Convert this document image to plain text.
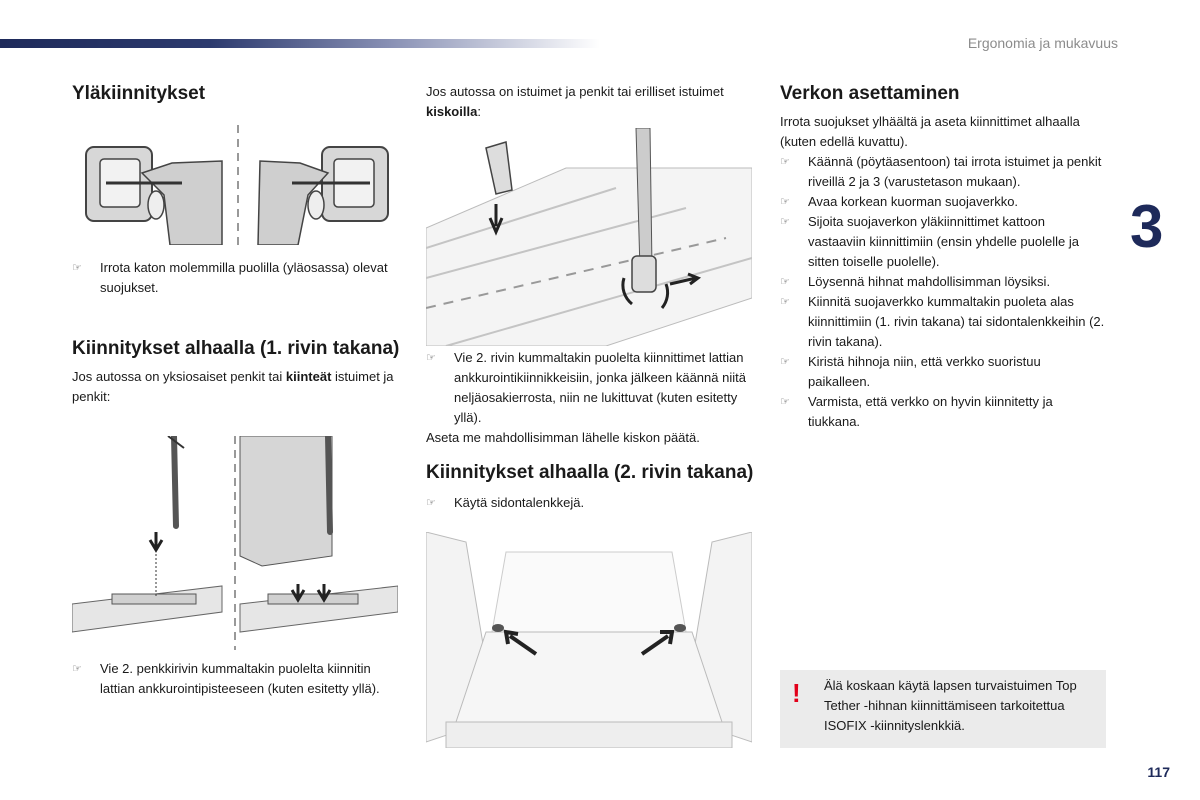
Ergonomia ja mukavuus
3
117
Yläkiinnitykset

☞ Irrota katon molemmilla puolilla (yläosassa) olevat suojukset.

Kiinnitykset alhaalla (1. rivin takana)

Jos autossa on yksiosaiset penkit tai kiinteät istuimet ja penkit:

☞ Vie 2. penkkirivin kummaltakin puolelta kiinnitin lattian ankkurointipisteeseen (kuten esitetty yllä).

Jos autossa on istuimet ja penkit tai erilliset istuimet kiskoilla:

☞ Vie 2. rivin kummaltakin puolelta kiinnittimet lattian ankkurointikiinnikkeisiin, jonka jälkeen käännä niitä neljäosakierrosta, niin ne lukittuvat (kuten esitetty yllä).

Aseta me mahdollisimman lähelle kiskon päätä.

Kiinnitykset alhaalla (2. rivin takana)

☞ Käytä sidontalenkkejä.

Verkon asettaminen

Irrota suojukset ylhäältä ja aseta kiinnittimet alhaalla (kuten edellä kuvattu).

☞ Käännä (pöytäasentoon) tai irrota istuimet ja penkit riveillä 2 ja 3 (varustetason mukaan).

☞ Avaa korkean kuorman suojaverkko.

☞ Sijoita suojaverkon yläkiinnittimet kattoon vastaaviin kiinnittimiin (ensin yhdelle puolelle ja sitten toiselle puolelle).

☞ Löysennä hihnat mahdollisimman löysiksi.

☞ Kiinnitä suojaverkko kummaltakin puoleta alas kiinnittimiin (1. rivin takana) tai sidontalenkkeihin (2. rivin takana).

☞ Kiristä hihnoja niin, että verkko suoristuu paikalleen.

☞ Varmista, että verkko on hyvin kiinnitetty ja tiukkana.

! Älä koskaan käytä lapsen turvaistuimen Top Tether -hihnan kiinnittämiseen tarkoitettua ISOFIX -kiinnityslenkkiä.
